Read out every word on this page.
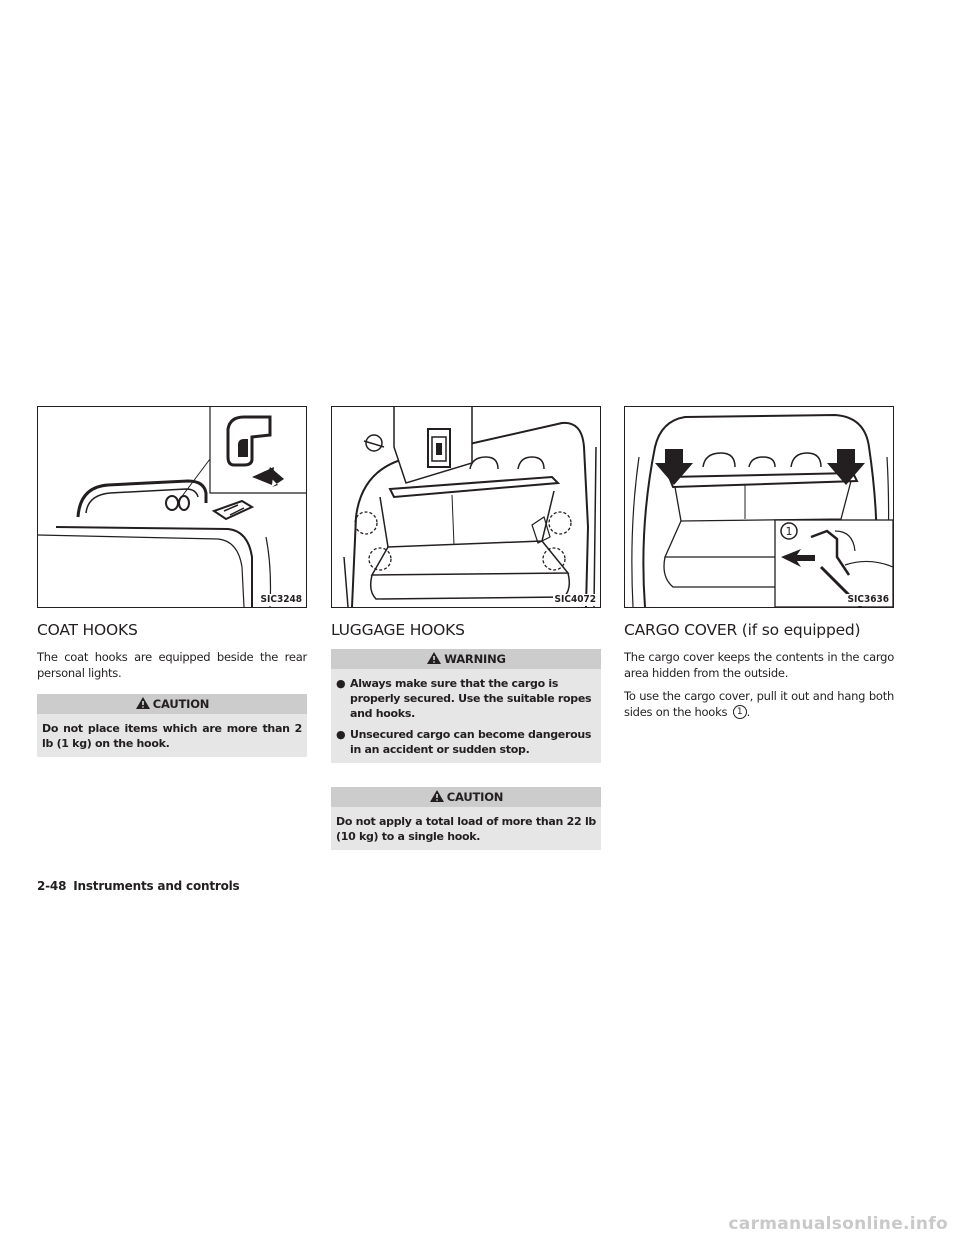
SIC3248
COAT HOOKS

The coat hooks are equipped beside the rear personal lights.

CAUTION

Do not place items which are more than 2 lb (1 kg) on the hook.

SIC4072
LUGGAGE HOOKS
WARNING
● Always make sure that the cargo is properly secured. Use the suitable ropes and hooks.
● Unsecured cargo can become dangerous in an accident or sudden stop.
CAUTION

Do not apply a total load of more than 22 lb (10 kg) to a single hook.

1
SIC3636
CARGO COVER (if so equipped)

The cargo cover keeps the contents in the cargo area hidden from the outside.

To use the cargo cover, pull it out and hang both sides on the hooks 1 .

2-48 Instruments and controls
carmanualsonline.info
